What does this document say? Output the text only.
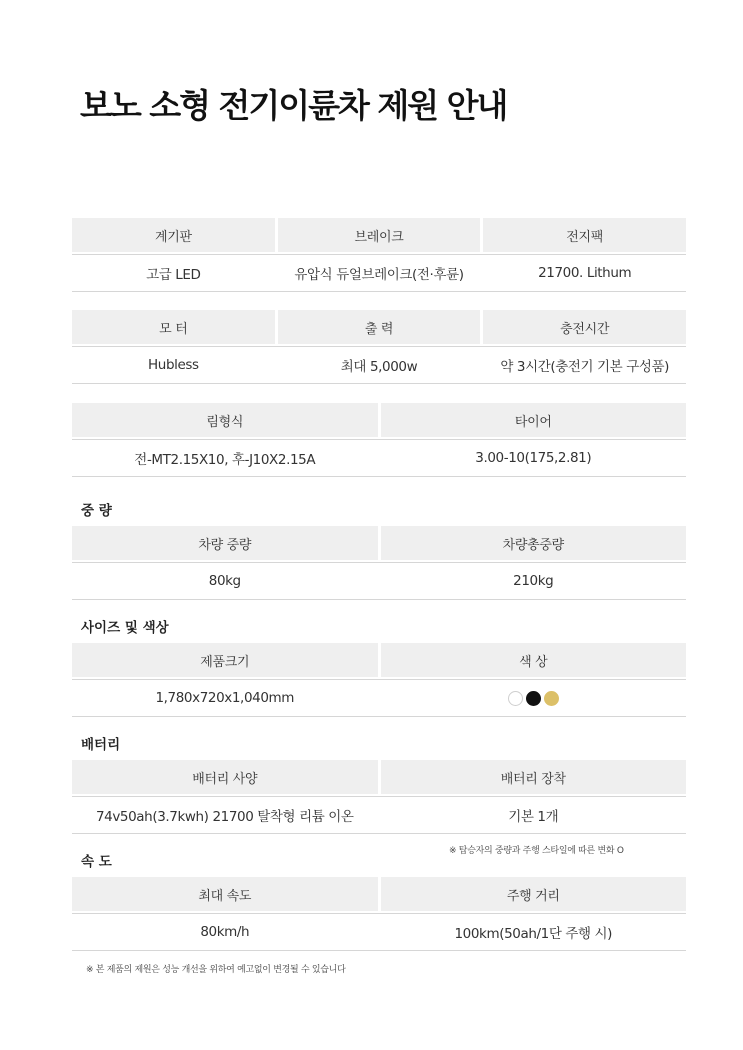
보노 소형 전기이륜차 제원 안내
계기판	브레이크	전지팩
고급 LED	유압식 듀얼브레이크(전·후륜)	21700. Lithum
모 터	출 력	충전시간
Hubless	최대 5,000w	약 3시간(충전기 기본 구성품)
림형식	타이어
전-MT2.15X10, 후-J10X2.15A	3.00-10(175,2.81)
중 량
차량 중량	차량총중량
80kg	210kg
사이즈 및 색상
제품크기	색 상
1,780x720x1,040mm
배터리
배터리 사양	배터리 장착
74v50ah(3.7kwh) 21700 탈착형 리튬 이온	기본 1개
※ 탑승자의 중량과 주행 스타일에 따른 변화 O
속 도
최대 속도	주행 거리
80km/h	100km(50ah/1단 주행 시)
※ 본 제품의 제원은 성능 개선을 위하여 예고없이 변경될 수 있습니다
